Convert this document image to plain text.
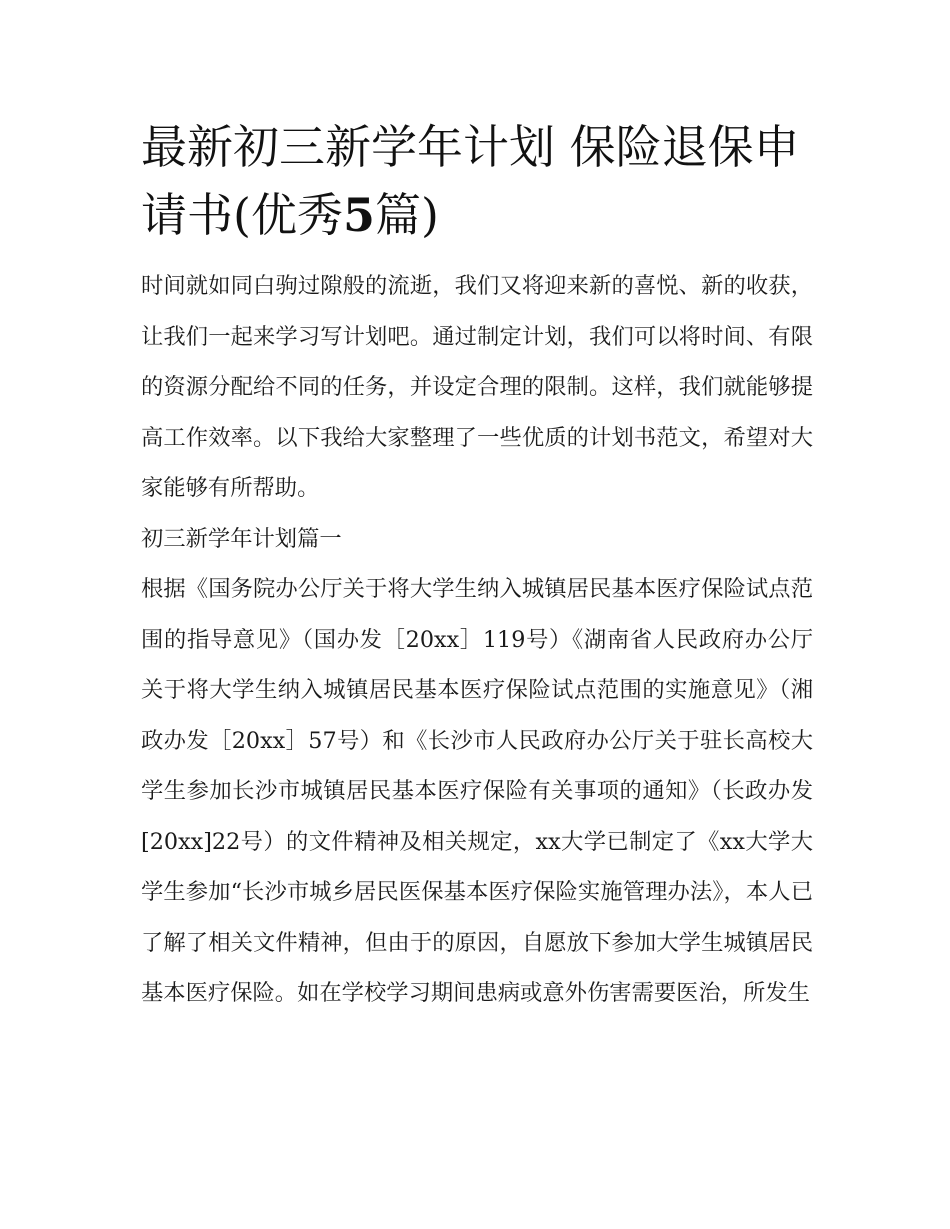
最新初三新学年计划 保险退保申请书(优秀5篇)

时间就如同白驹过隙般的流逝，我们又将迎来新的喜悦、新的收获，让我们一起来学习写计划吧。通过制定计划，我们可以将时间、有限的资源分配给不同的任务，并设定合理的限制。这样，我们就能够提高工作效率。以下我给大家整理了一些优质的计划书范文，希望对大家能够有所帮助。

初三新学年计划篇一

根据《国务院办公厅关于将大学生纳入城镇居民基本医疗保险试点范围的指导意见》（国办发［20xx］119号）《湖南省人民政府办公厅关于将大学生纳入城镇居民基本医疗保险试点范围的实施意见》（湘政办发［20xx］57号）和《长沙市人民政府办公厅关于驻长高校大学生参加长沙市城镇居民基本医疗保险有关事项的通知》（长政办发[20xx]22号）的文件精神及相关规定，xx大学已制定了《xx大学大学生参加“长沙市城乡居民医保基本医疗保险实施管理办法》，本人已了解了相关文件精神，但由于的原因，自愿放下参加大学生城镇居民基本医疗保险。如在学校学习期间患病或意外伤害需要医治，所发生
